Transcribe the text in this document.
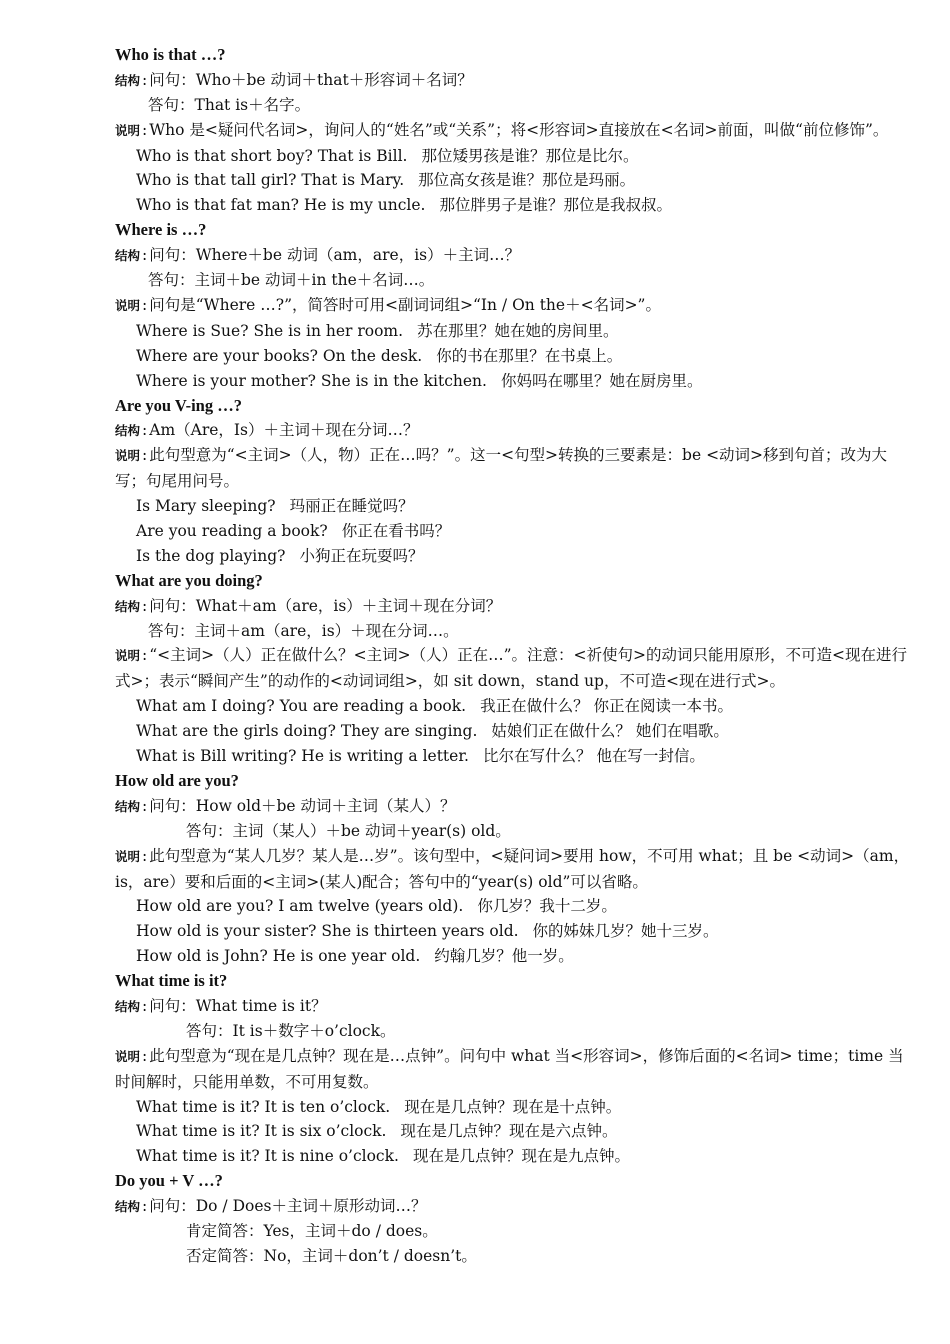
Who is that …?
结构 : 问句：Who＋be 动词＋that＋形容词＋名词？
答句：That is＋名字。
说明 : Who 是<疑问代名词>，询问人的“姓名”或“关系”；将<形容词>直接放在<名词>前面，叫做“前位修饰”。
Who is that short boy? That is Bill. 那位矮男孩是谁？那位是比尔。
Who is that tall girl? That is Mary. 那位高女孩是谁？那位是玛丽。
Who is that fat man? He is my uncle. 那位胖男子是谁？那位是我叔叔。
Where is …?
结构 : 问句：Where＋be 动词（am，are，is）＋主词…？
答句：主词＋be 动词＋in the＋名词…。
说明 : 问句是“Where …?”，简答时可用<副词词组>“In / On the＋<名词>”。
Where is Sue? She is in her room. 苏在那里？她在她的房间里。
Where are your books? On the desk. 你的书在那里？在书桌上。
Where is your mother? She is in the kitchen. 你妈吗在哪里？她在厨房里。
Are you V-ing …?
结构 : Am（Are，Is）＋主词＋现在分词…？
说明 : 此句型意为“<主词>（人，物）正在…吗？”。这一<句型>转换的三要素是：be <动词>移到句首；改为大写；句尾用问号。
Is Mary sleeping? 玛丽正在睡觉吗？
Are you reading a book? 你正在看书吗？
Is the dog playing? 小狗正在玩耍吗？
What are you doing?
结构 : 问句：What＋am（are，is）＋主词＋现在分词？
答句：主词＋am（are，is）＋现在分词…。
说明 : “<主词>（人）正在做什么？<主词>（人）正在…”。注意：<祈使句>的动词只能用原形，不可造<现在进行式>；表示“瞬间产生”的动作的<动词词组>，如 sit down，stand up，不可造<现在进行式>。
What am I doing? You are reading a book. 我正在做什么？ 你正在阅读一本书。
What are the girls doing? They are singing. 姑娘们正在做什么？ 她们在唱歌。
What is Bill writing? He is writing a letter. 比尔在写什么？ 他在写一封信。
How old are you?
结构 : 问句：How old＋be 动词＋主词（某人）？
答句：主词（某人）＋be 动词＋year(s) old。
说明 : 此句型意为“某人几岁？某人是…岁”。该句型中，<疑问词>要用 how，不可用 what；且 be <动词>（am，is，are）要和后面的<主词>(某人)配合；答句中的“year(s) old”可以省略。
How old are you? I am twelve (years old). 你几岁？我十二岁。
How old is your sister? She is thirteen years old. 你的姊妹几岁？她十三岁。
How old is John? He is one year old. 约翰几岁？他一岁。
What time is it?
结构 : 问句：What time is it？
答句：It is＋数字＋o’clock。
说明 : 此句型意为“现在是几点钟？现在是…点钟”。问句中 what 当<形容词>，修饰后面的<名词> time；time 当时间解时，只能用单数，不可用复数。
What time is it? It is ten o’clock. 现在是几点钟？现在是十点钟。
What time is it? It is six o’clock. 现在是几点钟？现在是六点钟。
What time is it? It is nine o’clock. 现在是几点钟？现在是九点钟。
Do you + V …?
结构 : 问句：Do / Does＋主词＋原形动词…？
肯定简答：Yes，主词＋do / does。
否定简答：No，主词＋don’t / doesn’t。
